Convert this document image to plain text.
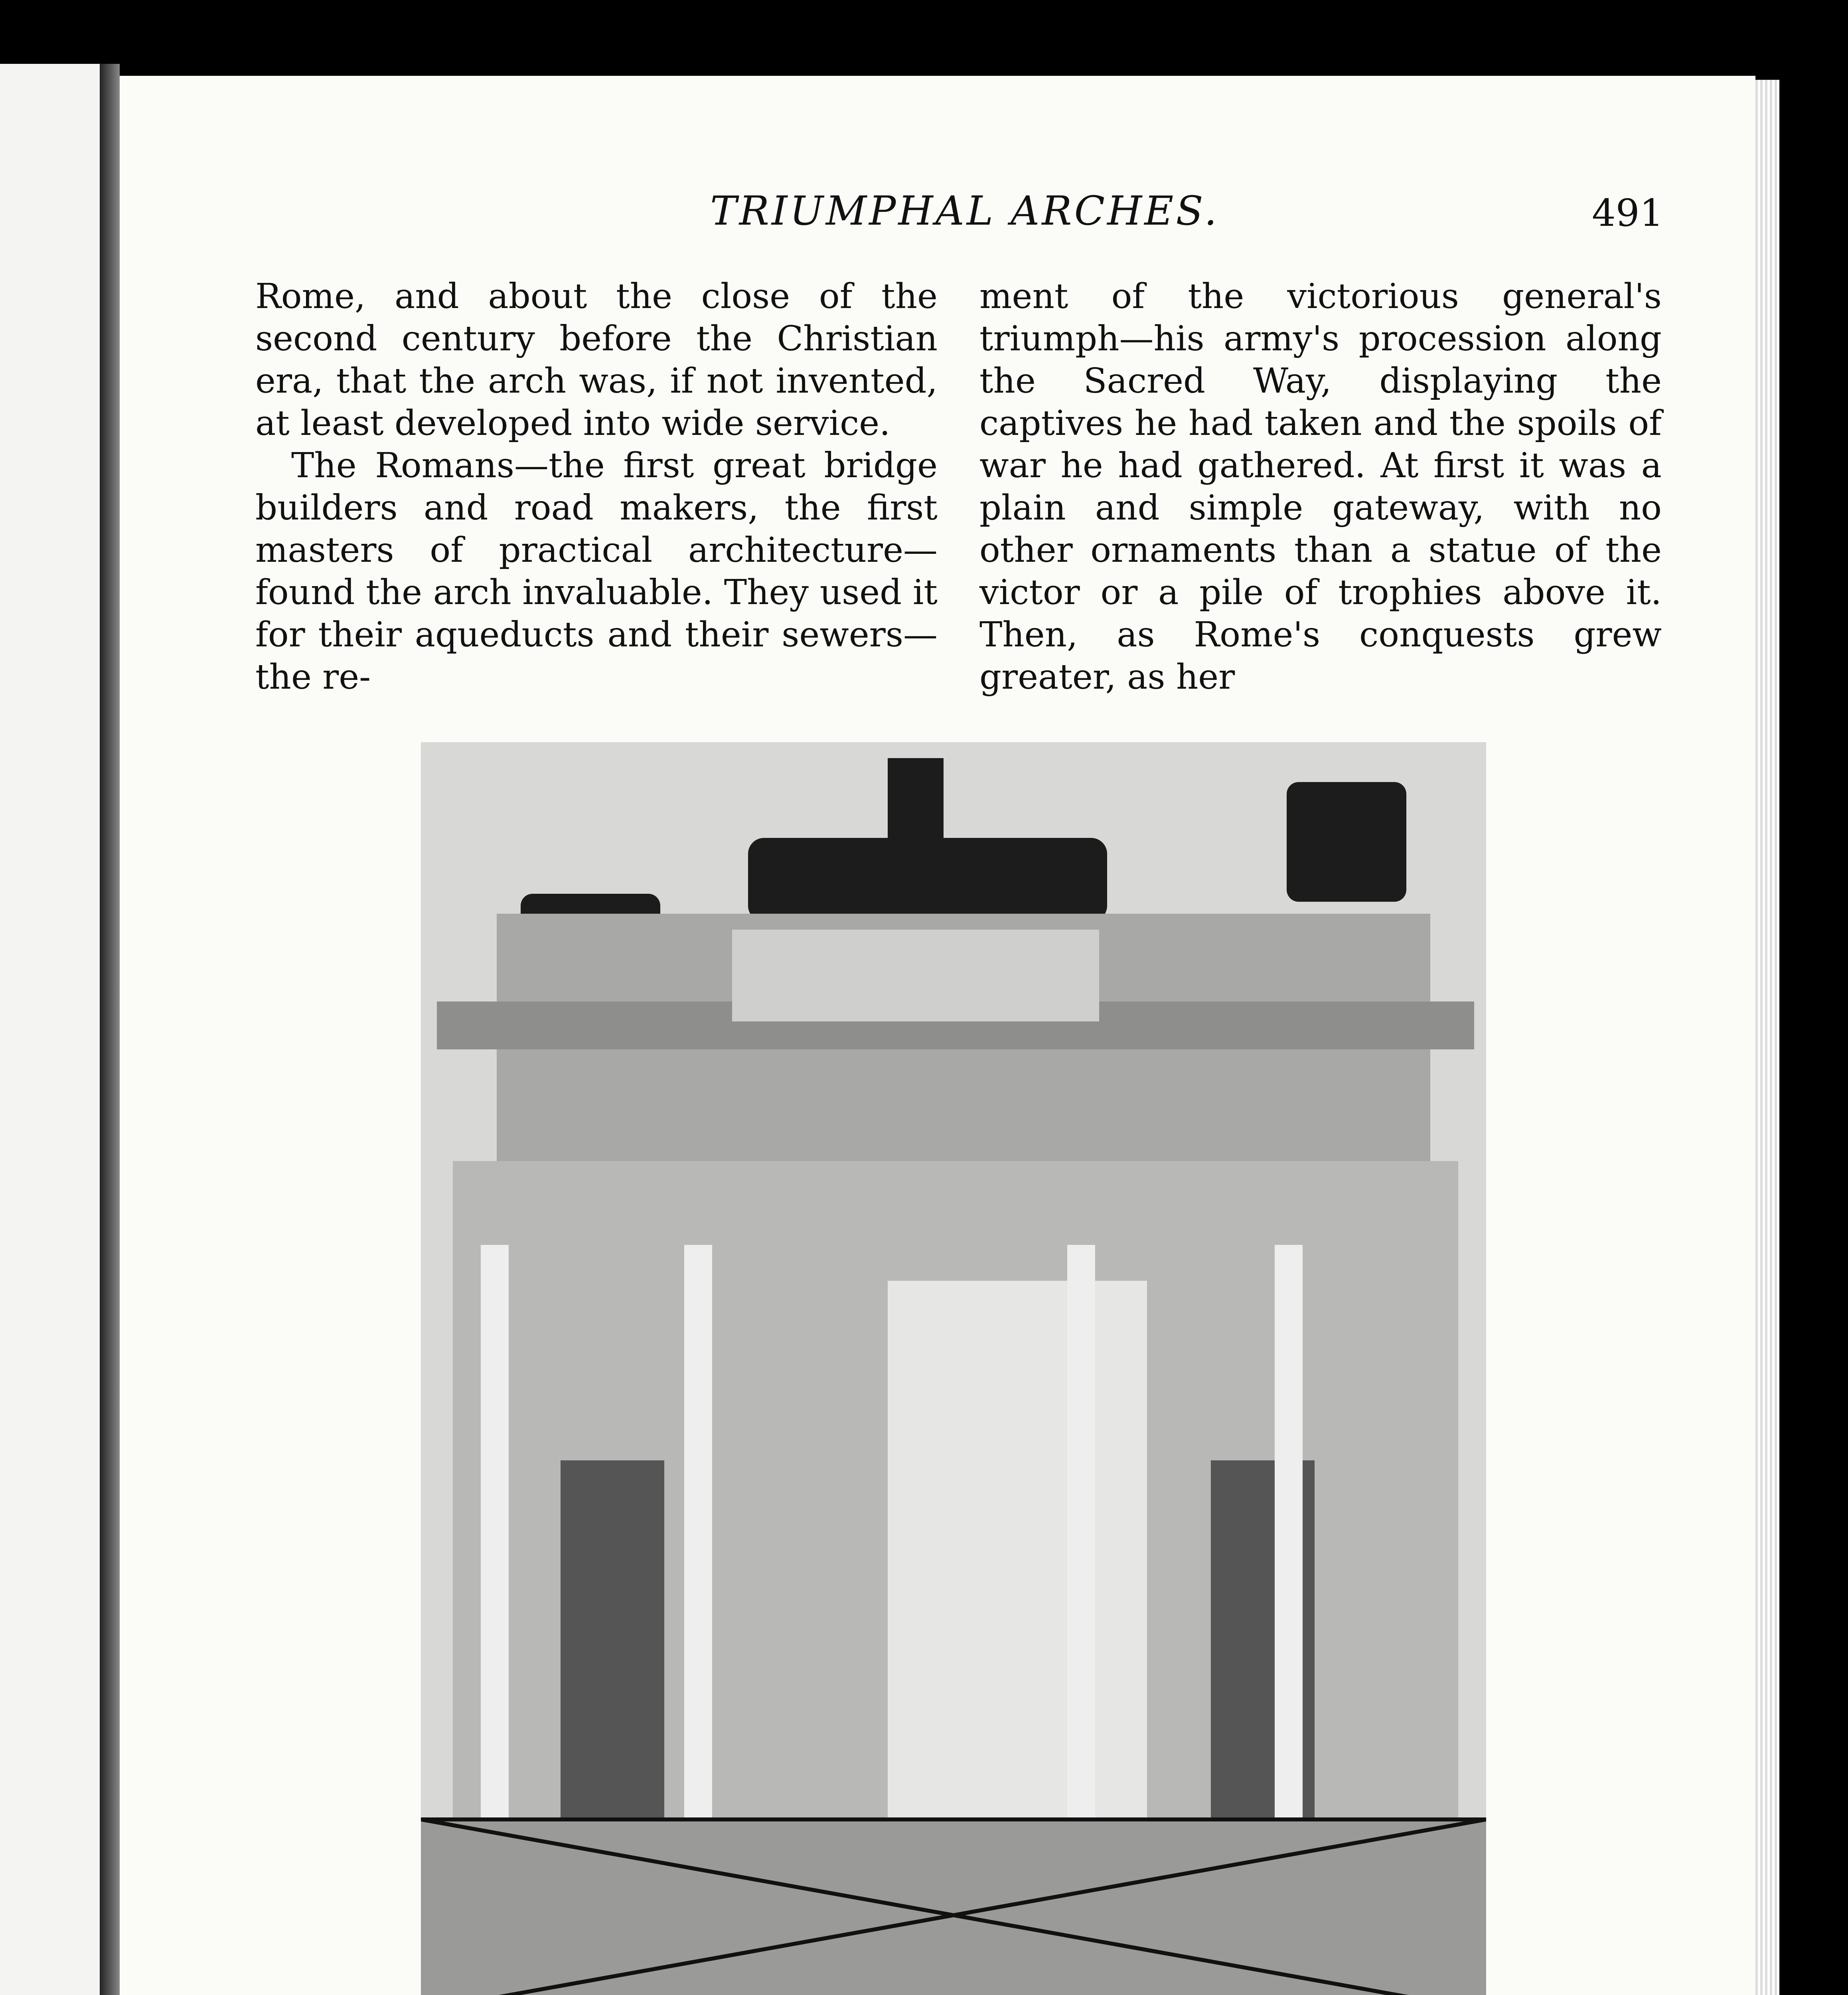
TRIUMPHAL ARCHES.	491

Rome, and about the close of the second century before the Christian era, that the arch was, if not invented, at least developed into wide service.

The Romans—the first great bridge builders and road makers, the first masters of practical architecture—found the arch invaluable. They used it for their aqueducts and their sewers—the re-

ment of the victorious general's triumph—his army's procession along the Sacred Way, displaying the captives he had taken and the spoils of war he had gathered. At first it was a plain and simple gateway, with no other ornaments than a statue of the victor or a pile of trophies above it. Then, as Rome's conquests grew greater, as her
